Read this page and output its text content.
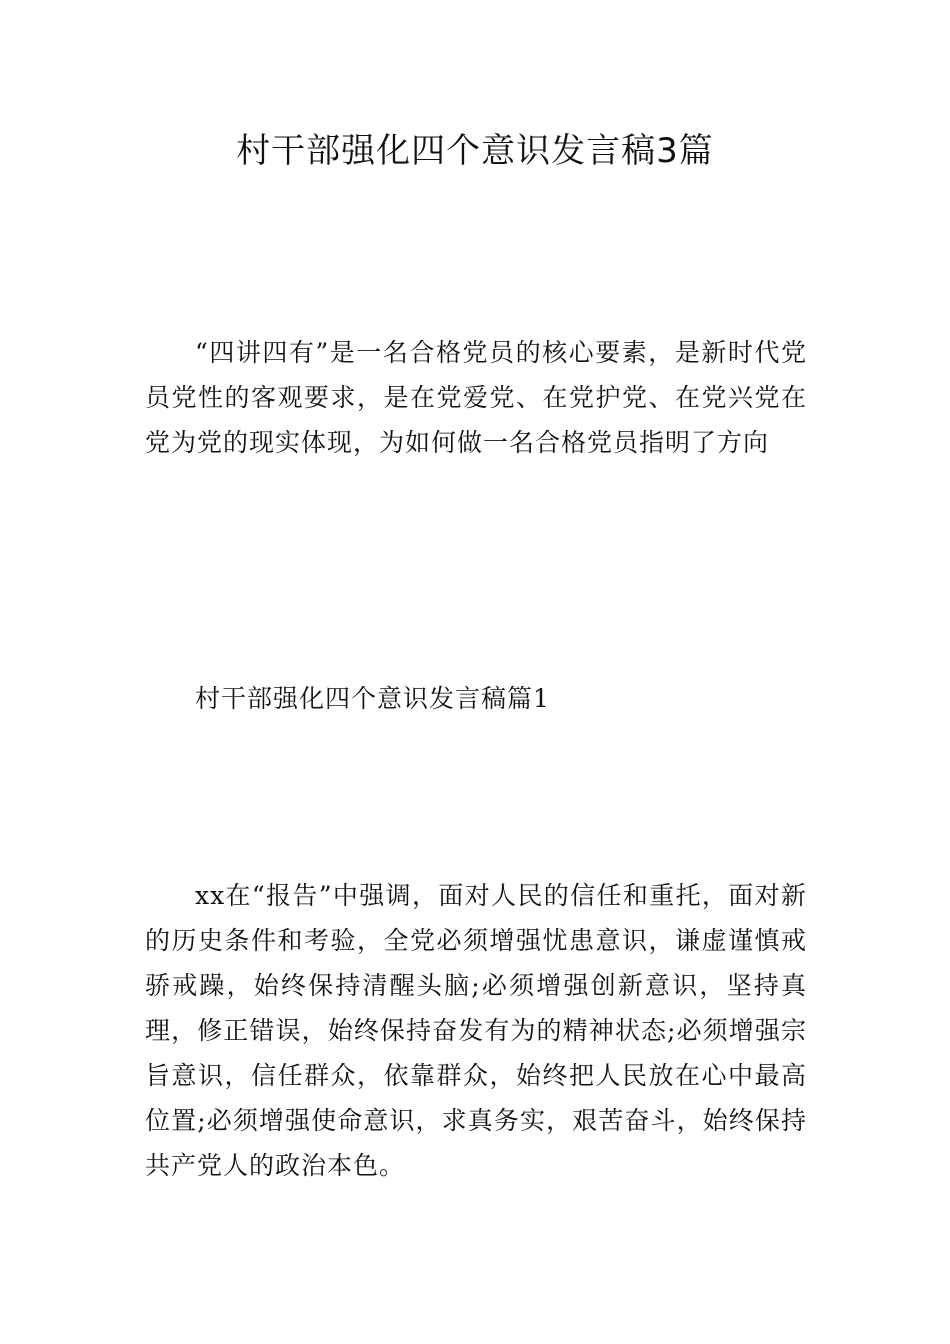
村干部强化四个意识发言稿3篇

“四讲四有”是一名合格党员的核心要素，是新时代党员党性的客观要求，是在党爱党、在党护党、在党兴党在党为党的现实体现，为如何做一名合格党员指明了方向

村干部强化四个意识发言稿篇1

xx在“报告”中强调，面对人民的信任和重托，面对新的历史条件和考验，全党必须增强忧患意识，谦虚谨慎戒骄戒躁，始终保持清醒头脑;必须增强创新意识，坚持真理，修正错误，始终保持奋发有为的精神状态;必须增强宗旨意识，信任群众，依靠群众，始终把人民放在心中最高位置;必须增强使命意识，求真务实，艰苦奋斗，始终保持共产党人的政治本色。
